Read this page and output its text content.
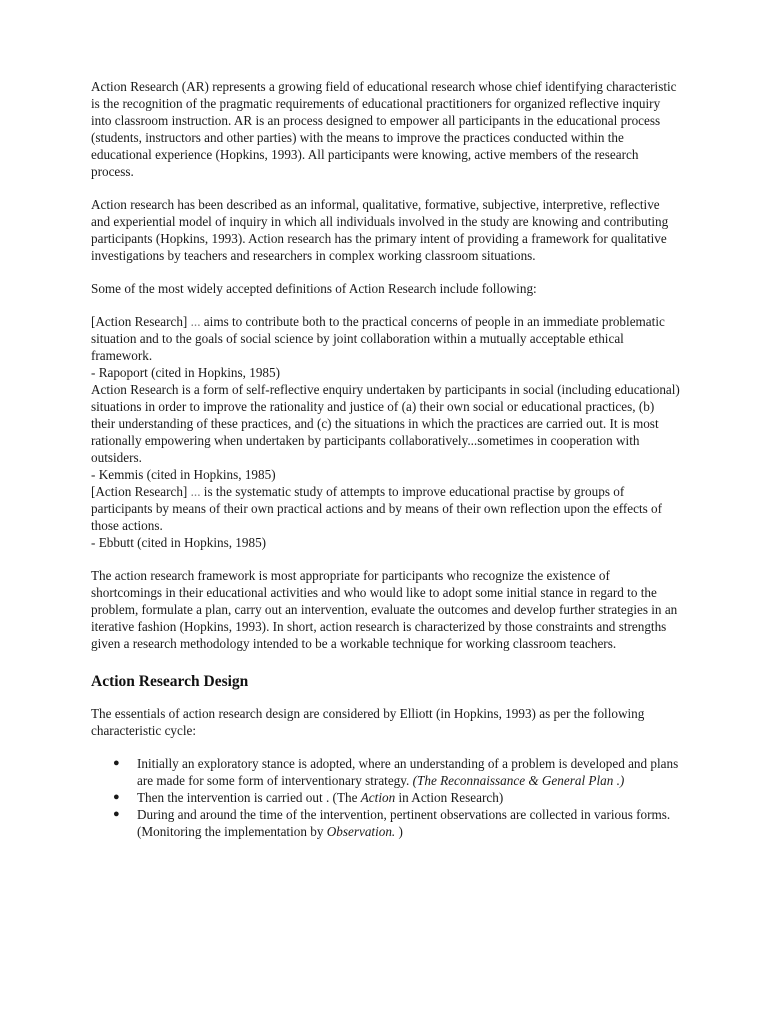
Action Research (AR) represents a growing field of educational research whose chief identifying characteristic is the recognition of the pragmatic requirements of educational practitioners for organized reflective inquiry into classroom instruction. AR is an process designed to empower all participants in the educational process (students, instructors and other parties) with the means to improve the practices conducted within the educational experience (Hopkins, 1993). All participants were knowing, active members of the research process.

Action research has been described as an informal, qualitative, formative, subjective, interpretive, reflective and experiential model of inquiry in which all individuals involved in the study are knowing and contributing participants (Hopkins, 1993). Action research has the primary intent of providing a framework for qualitative investigations by teachers and researchers in complex working classroom situations.

Some of the most widely accepted definitions of Action Research include following:

[Action Research] ... aims to contribute both to the practical concerns of people in an immediate problematic situation and to the goals of social science by joint collaboration within a mutually acceptable ethical framework.
- Rapoport (cited in Hopkins, 1985)
Action Research is a form of self-reflective enquiry undertaken by participants in social (including educational) situations in order to improve the rationality and justice of (a) their own social or educational practices, (b) their understanding of these practices, and (c) the situations in which the practices are carried out. It is most rationally empowering when undertaken by participants collaboratively...sometimes in cooperation with outsiders.
- Kemmis (cited in Hopkins, 1985)
[Action Research] ... is the systematic study of attempts to improve educational practise by groups of participants by means of their own practical actions and by means of their own reflection upon the effects of those actions.
- Ebbutt (cited in Hopkins, 1985)

The action research framework is most appropriate for participants who recognize the existence of shortcomings in their educational activities and who would like to adopt some initial stance in regard to the problem, formulate a plan, carry out an intervention, evaluate the outcomes and develop further strategies in an iterative fashion (Hopkins, 1993). In short, action research is characterized by those constraints and strengths given a research methodology intended to be a workable technique for working classroom teachers.

Action Research Design

The essentials of action research design are considered by Elliott (in Hopkins, 1993) as per the following characteristic cycle:

● Initially an exploratory stance is adopted, where an understanding of a problem is developed and plans are made for some form of interventionary strategy. (The Reconnaissance & General Plan .)
● Then the intervention is carried out . (The Action in Action Research)
● During and around the time of the intervention, pertinent observations are collected in various forms. (Monitoring the implementation by Observation. )
